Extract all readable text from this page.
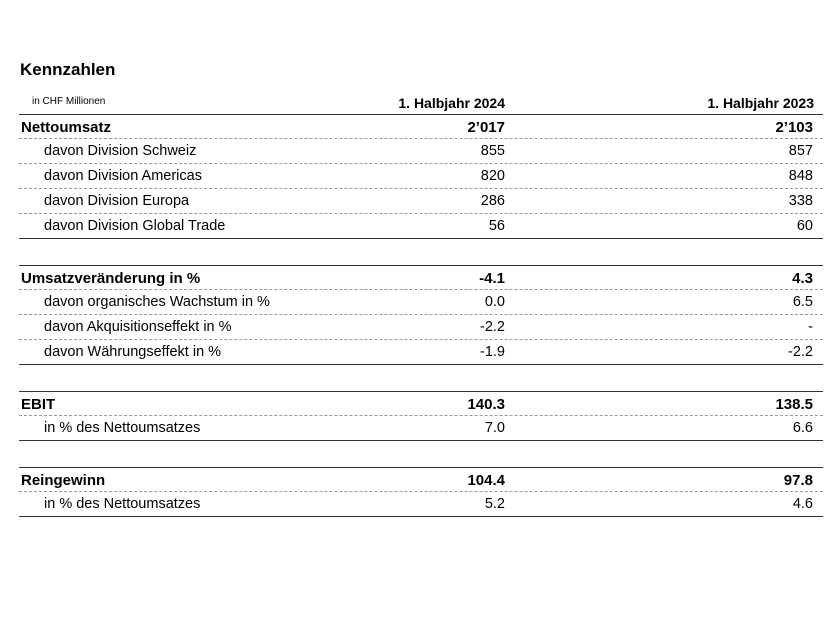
Kennzahlen
in CHF Millionen	1. Halbjahr 2024	1. Halbjahr 2023
Nettoumsatz	2’017	2’103
davon Division Schweiz	855	857
davon Division Americas	820	848
davon Division Europa	286	338
davon Division Global Trade	56	60
Umsatzveränderung in %	-4.1	4.3
davon organisches Wachstum in %	0.0	6.5
davon Akquisitionseffekt in %	-2.2	-
davon Währungseffekt in %	-1.9	-2.2
EBIT	140.3	138.5
in % des Nettoumsatzes	7.0	6.6
Reingewinn	104.4	97.8
in % des Nettoumsatzes	5.2	4.6
